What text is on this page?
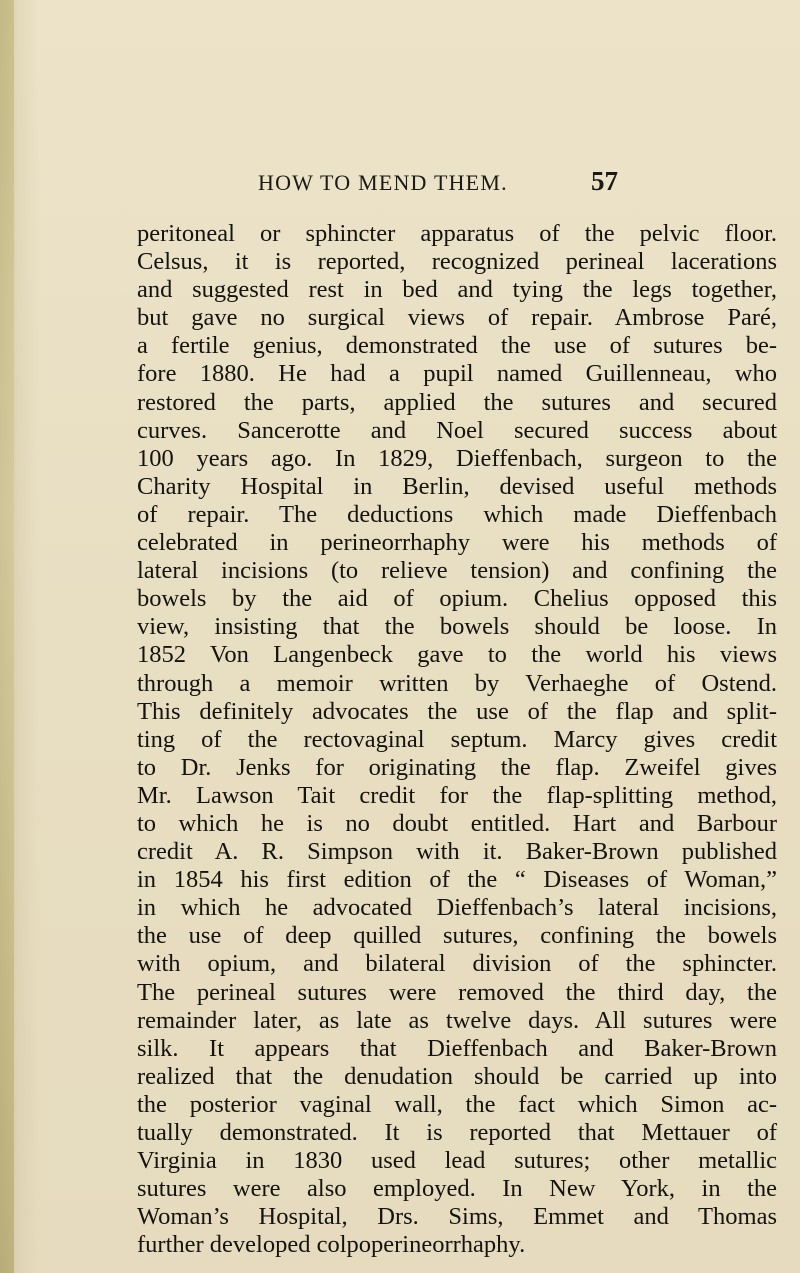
HOW TO MEND THEM.	57
peritoneal or sphincter apparatus of the pelvic floor.
Celsus, it is reported, recognized perineal lacerations
and suggested rest in bed and tying the legs together,
but gave no surgical views of repair. Ambrose Paré,
a fertile genius, demonstrated the use of sutures be-
fore 1880. He had a pupil named Guillenneau, who
restored the parts, applied the sutures and secured
curves. Sancerotte and Noel secured success about
100 years ago. In 1829, Dieffenbach, surgeon to the
Charity Hospital in Berlin, devised useful methods
of repair. The deductions which made Dieffenbach
celebrated in perineorrhaphy were his methods of
lateral incisions (to relieve tension) and confining the
bowels by the aid of opium. Chelius opposed this
view, insisting that the bowels should be loose. In
1852 Von Langenbeck gave to the world his views
through a memoir written by Verhaeghe of Ostend.
This definitely advocates the use of the flap and split-
ting of the rectovaginal septum. Marcy gives credit
to Dr. Jenks for originating the flap. Zweifel gives
Mr. Lawson Tait credit for the flap-splitting method,
to which he is no doubt entitled. Hart and Barbour
credit A. R. Simpson with it. Baker-Brown published
in 1854 his first edition of the “ Diseases of Woman,”
in which he advocated Dieffenbach’s lateral incisions,
the use of deep quilled sutures, confining the bowels
with opium, and bilateral division of the sphincter.
The perineal sutures were removed the third day, the
remainder later, as late as twelve days. All sutures were
silk. It appears that Dieffenbach and Baker-Brown
realized that the denudation should be carried up into
the posterior vaginal wall, the fact which Simon ac-
tually demonstrated. It is reported that Mettauer of
Virginia in 1830 used lead sutures; other metallic
sutures were also employed. In New York, in the
Woman’s Hospital, Drs. Sims, Emmet and Thomas
further developed colpoperineorrhaphy.
